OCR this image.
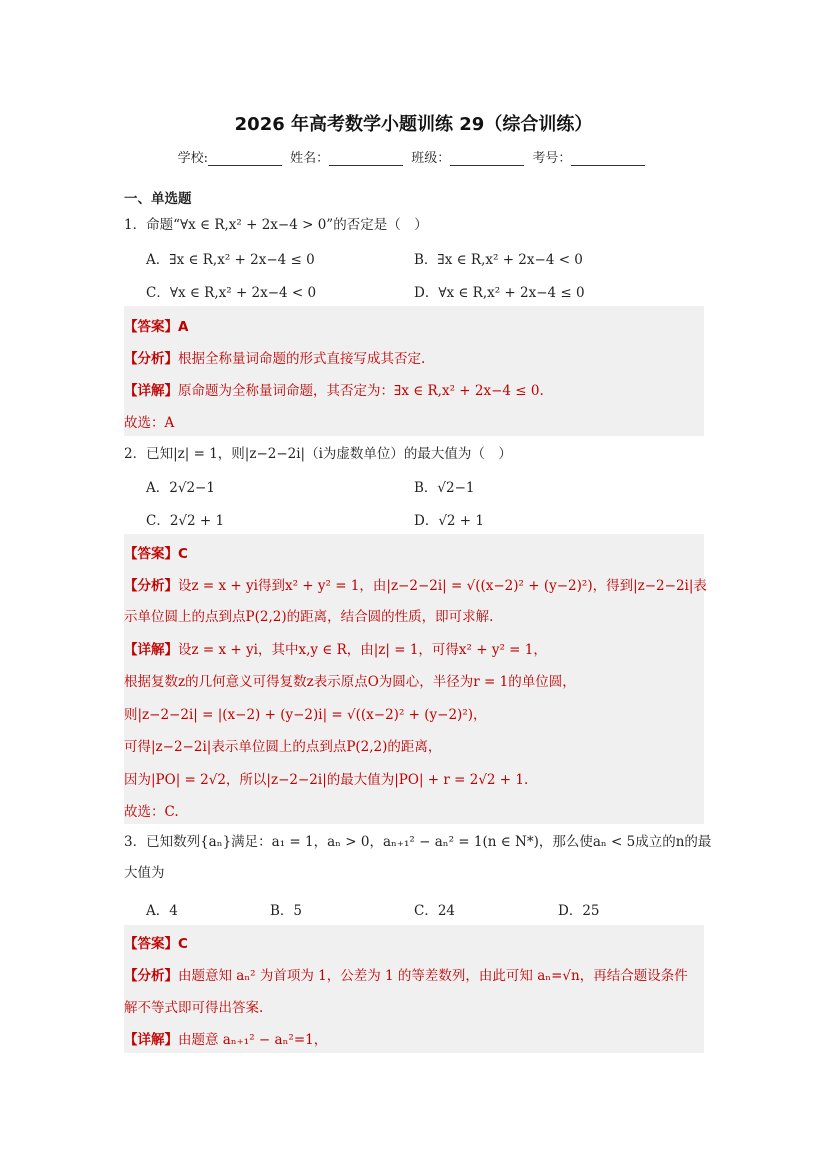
2026 年高考数学小题训练 29（综合训练）
学校:	姓名：	班级：	考号：
一、单选题
1．命题“∀x ∈ R,x² + 2x−4 > 0”的否定是（　）
A．∃x ∈ R,x² + 2x−4 ≤ 0	B．∃x ∈ R,x² + 2x−4 < 0
C．∀x ∈ R,x² + 2x−4 < 0	D．∀x ∈ R,x² + 2x−4 ≤ 0
【答案】A
【分析】根据全称量词命题的形式直接写成其否定.
【详解】原命题为全称量词命题，其否定为：∃x ∈ R,x² + 2x−4 ≤ 0.
故选：A
2．已知|z| = 1，则|z−2−2i|（i为虚数单位）的最大值为（　）
A．2√2−1	B．√2−1
C．2√2 + 1	D．√2 + 1
【答案】C
【分析】设z = x + yi得到x² + y² = 1，由|z−2−2i| = √((x−2)² + (y−2)²)，得到|z−2−2i|表
示单位圆上的点到点P(2,2)的距离，结合圆的性质，即可求解.
【详解】设z = x + yi，其中x,y ∈ R，由|z| = 1，可得x² + y² = 1，
根据复数z的几何意义可得复数z表示原点O为圆心，半径为r = 1的单位圆，
则|z−2−2i| = |(x−2) + (y−2)i| = √((x−2)² + (y−2)²)，
可得|z−2−2i|表示单位圆上的点到点P(2,2)的距离，
因为|PO| = 2√2，所以|z−2−2i|的最大值为|PO| + r = 2√2 + 1.
故选：C.
3．已知数列{aₙ}满足：a₁ = 1，aₙ > 0，aₙ₊₁² − aₙ² = 1(n ∈ N*)，那么使aₙ < 5成立的n的最
大值为
A．4	B．5	C．24	D．25
【答案】C
【分析】由题意知 aₙ² 为首项为 1，公差为 1 的等差数列，由此可知 aₙ=√n，再结合题设条件
解不等式即可得出答案.
【详解】由题意 aₙ₊₁² − aₙ²=1，
